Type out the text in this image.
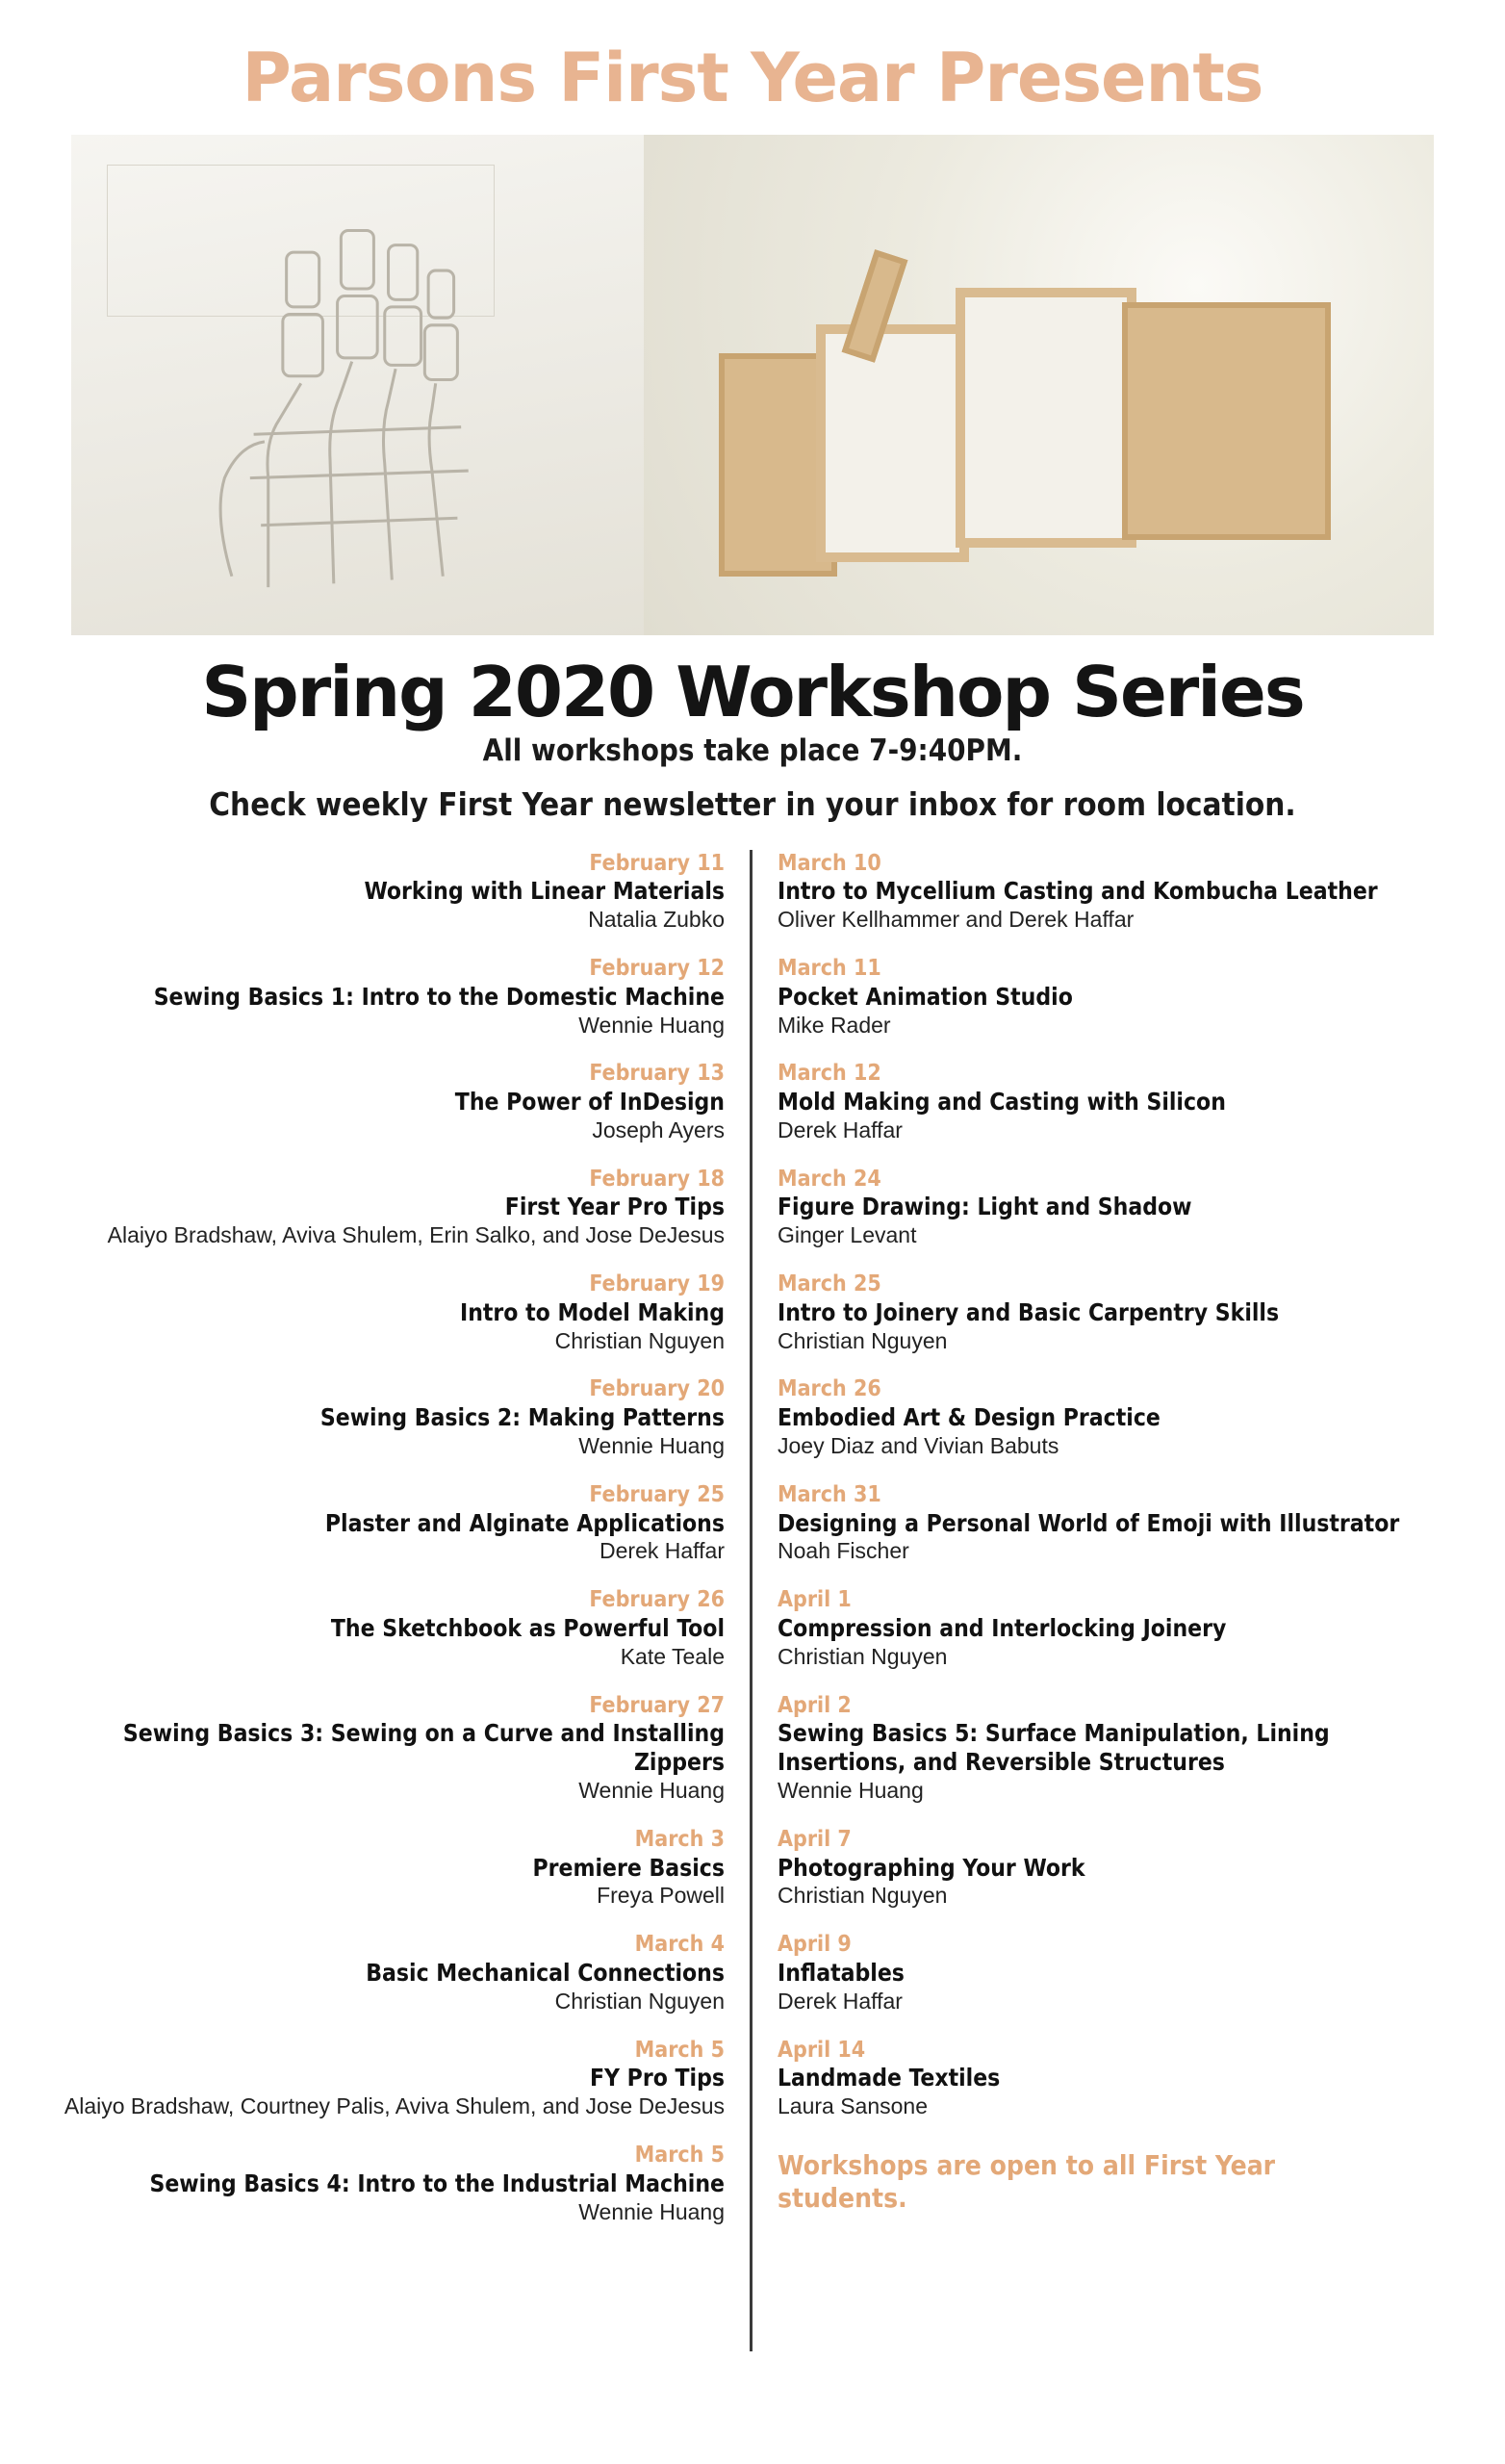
Parsons First Year Presents
Spring 2020 Workshop Series
All workshops take place 7-9:40PM.
Check weekly First Year newsletter in your inbox for room location.
February 11
Working with Linear Materials
Natalia Zubko
February 12
Sewing Basics 1: Intro to the Domestic Machine
Wennie Huang
February 13
The Power of InDesign
Joseph Ayers
February 18
First Year Pro Tips
Alaiyo Bradshaw, Aviva Shulem, Erin Salko, and Jose DeJesus
February 19
Intro to Model Making
Christian Nguyen
February 20
Sewing Basics 2: Making Patterns
Wennie Huang
February 25
Plaster and Alginate Applications
Derek Haffar
February 26
The Sketchbook as Powerful Tool
Kate Teale
February 27
Sewing Basics 3: Sewing on a Curve and Installing Zippers
Wennie Huang
March 3
Premiere Basics
Freya Powell
March 4
Basic Mechanical Connections
Christian Nguyen
March 5
FY Pro Tips
Alaiyo Bradshaw, Courtney Palis, Aviva Shulem, and Jose DeJesus
March 5
Sewing Basics 4: Intro to the Industrial Machine
Wennie Huang
March 10
Intro to Mycellium Casting and Kombucha Leather
Oliver Kellhammer and Derek Haffar
March 11
Pocket Animation Studio
Mike Rader
March 12
Mold Making and Casting with Silicon
Derek Haffar
March 24
Figure Drawing: Light and Shadow
Ginger Levant
March 25
Intro to Joinery and Basic Carpentry Skills
Christian Nguyen
March 26
Embodied Art & Design Practice
Joey Diaz and Vivian Babuts
March 31
Designing a Personal World of Emoji with Illustrator
Noah Fischer
April 1
Compression and Interlocking Joinery
Christian Nguyen
April 2
Sewing Basics 5: Surface Manipulation, Lining Insertions, and Reversible Structures
Wennie Huang
April 7
Photographing Your Work
Christian Nguyen
April 9
Inflatables
Derek Haffar
April 14
Landmade Textiles
Laura Sansone
Workshops are open to all First Year students.
